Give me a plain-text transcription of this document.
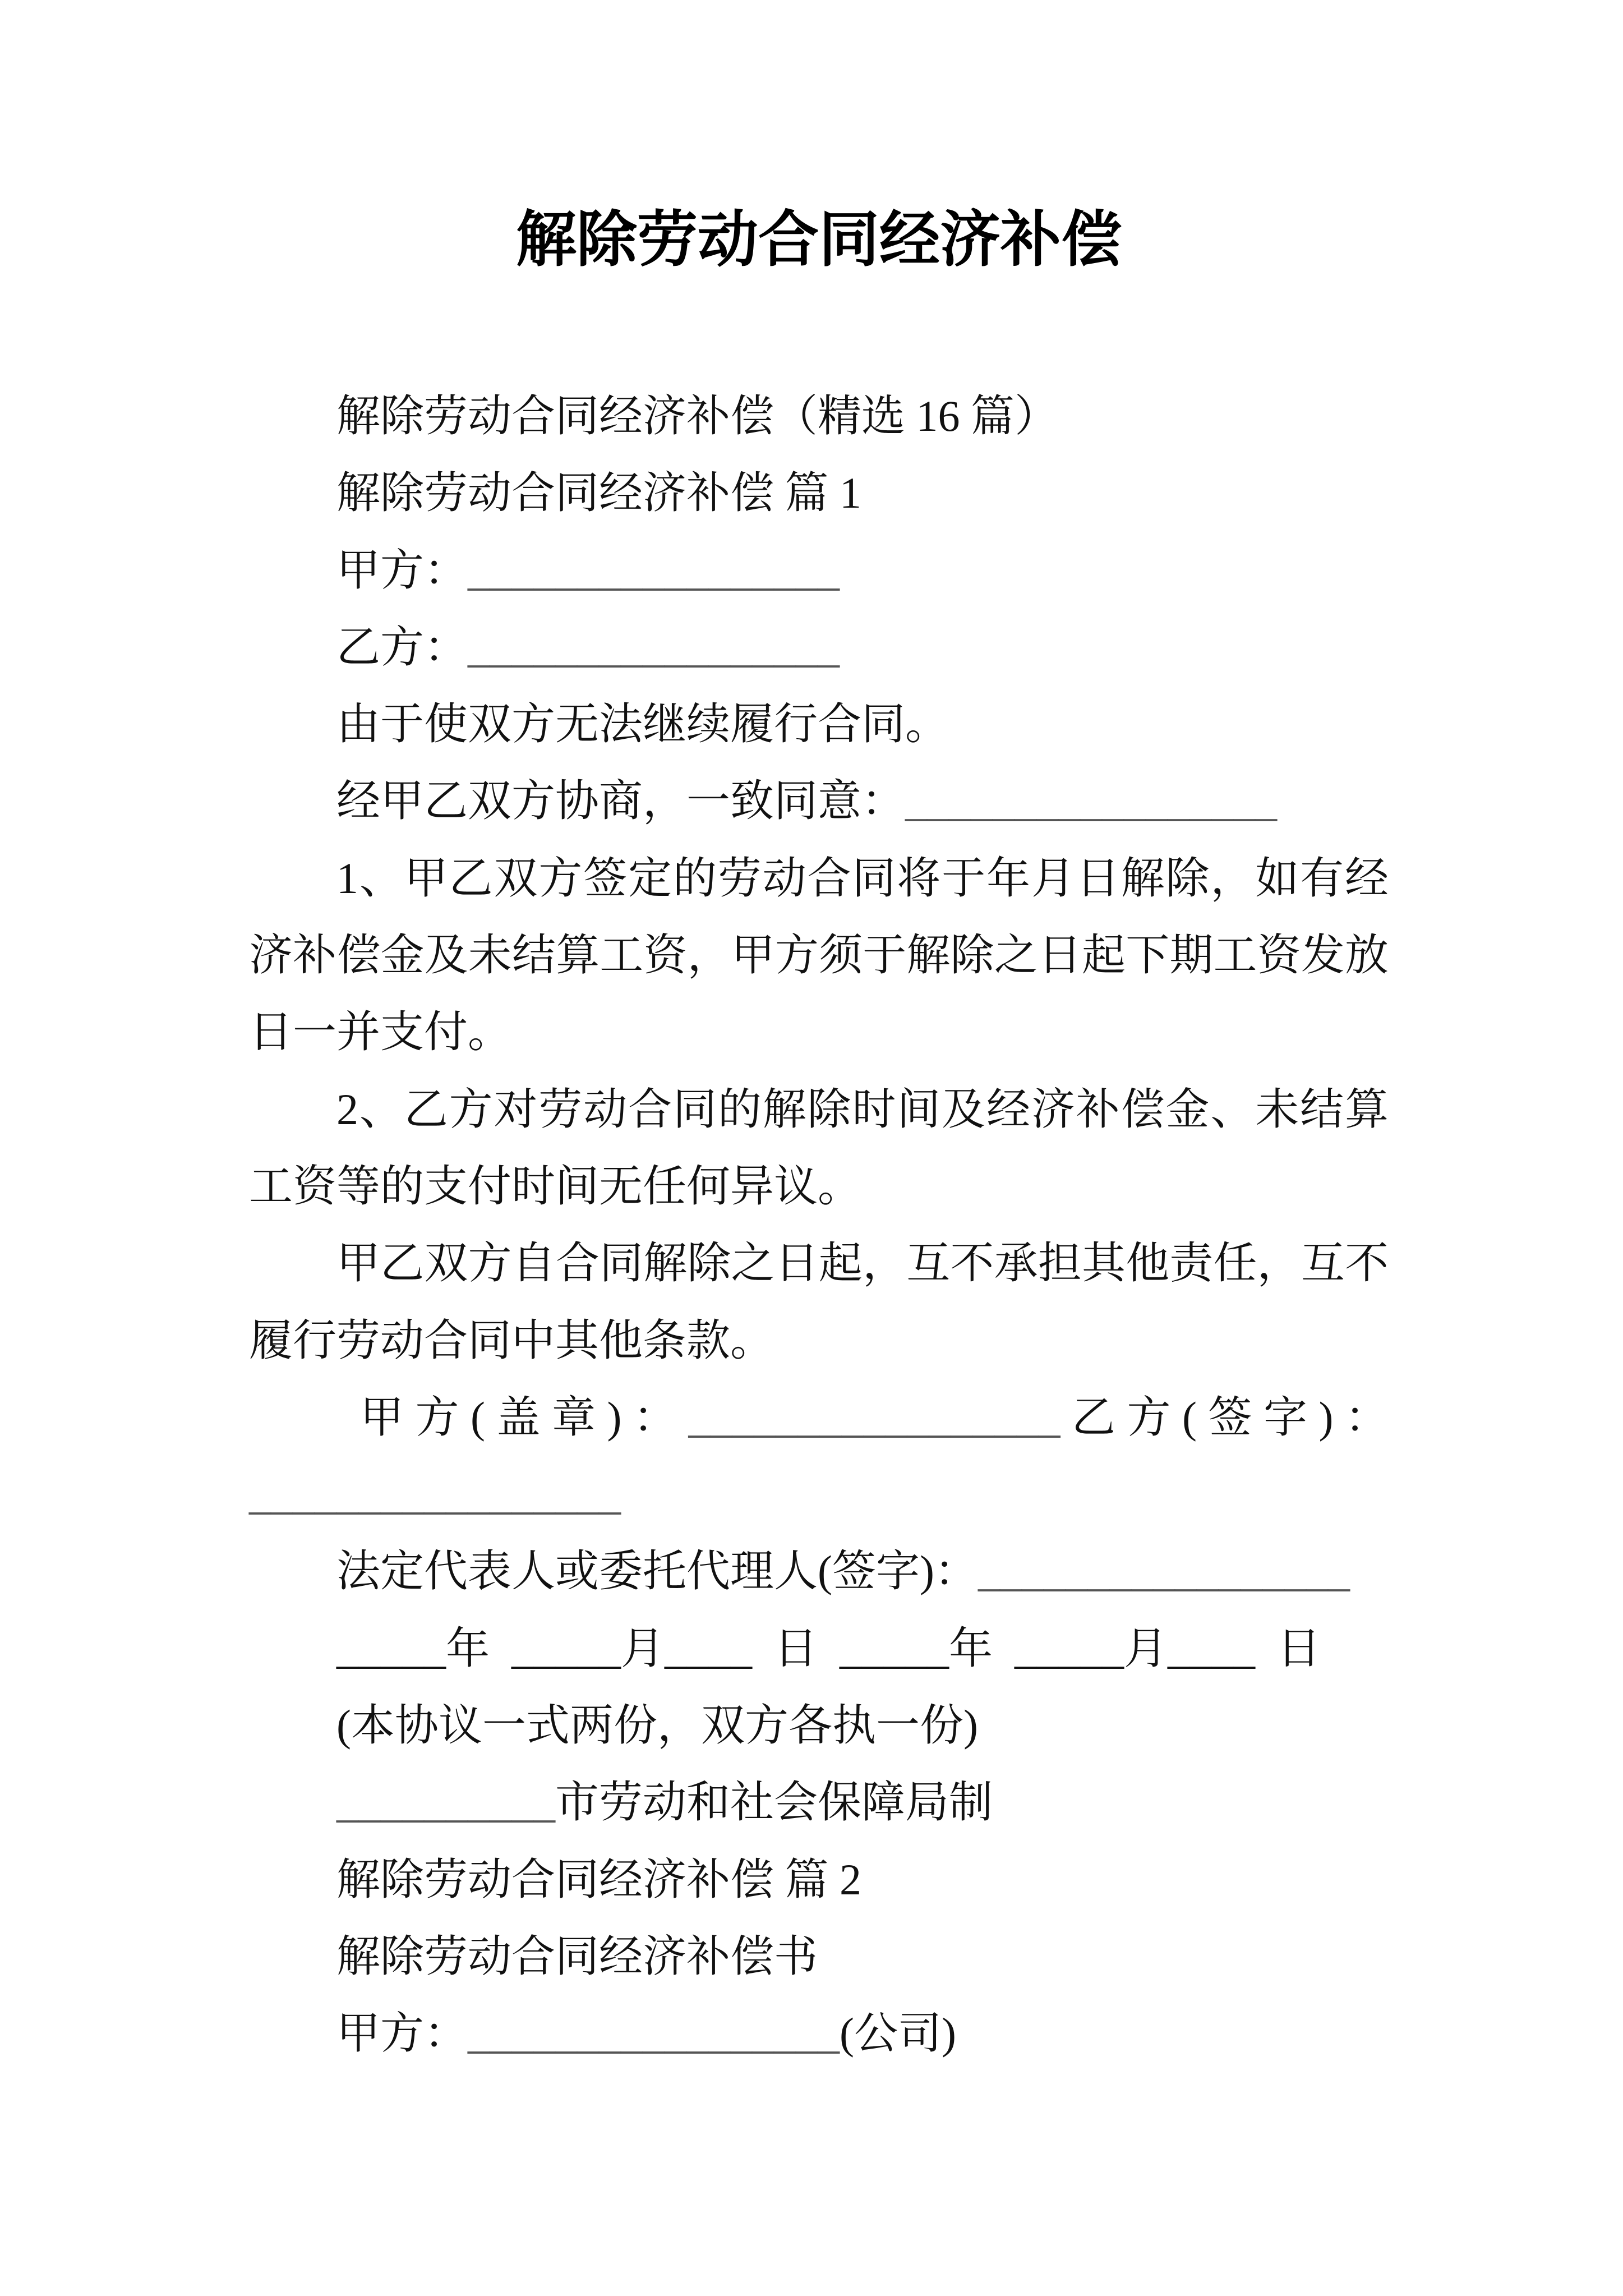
解除劳动合同经济补偿
解除劳动合同经济补偿（精选 16 篇）
解除劳动合同经济补偿 篇 1
甲方：_________________
乙方：_________________
由于使双方无法继续履行合同。
经甲乙双方协商，一致同意：_________________
1、甲乙双方签定的劳动合同将于年月日解除，如有经
济补偿金及未结算工资，甲方须于解除之日起下期工资发放
日一并支付。
2、乙方对劳动合同的解除时间及经济补偿金、未结算
工资等的支付时间无任何异议。
甲乙双方自合同解除之日起，互不承担其他责任，互不
履行劳动合同中其他条款。
甲方(盖章)：_________________乙方(签字)：
_________________
法定代表人或委托代理人(签字)：_________________
_____年 _____月____ 日 _____年 _____月____ 日
(本协议一式两份，双方各执一份)
__________市劳动和社会保障局制
解除劳动合同经济补偿 篇 2
解除劳动合同经济补偿书
甲方：_________________(公司)
